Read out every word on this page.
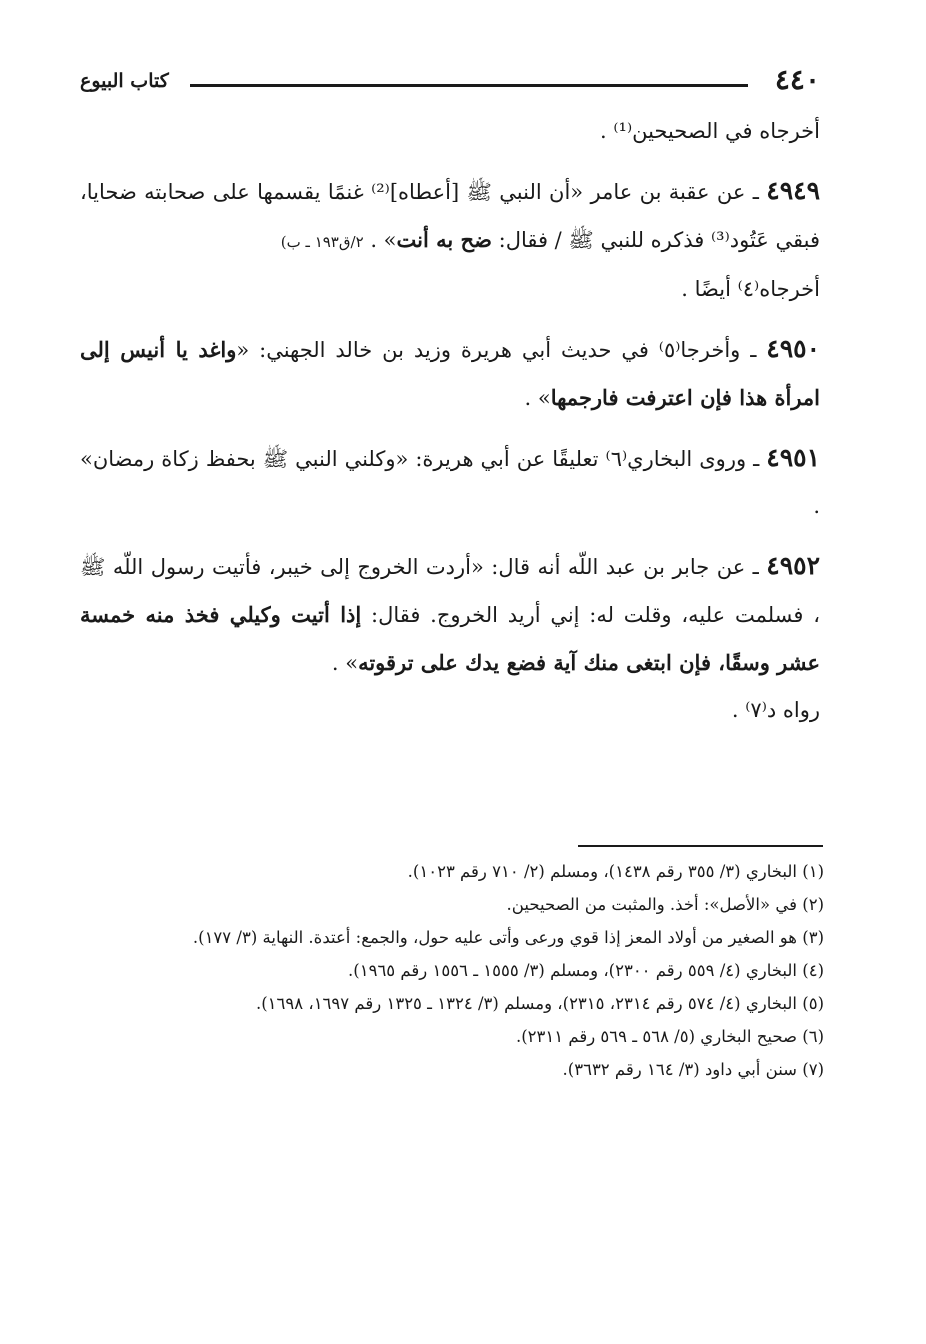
٤٤٠
كتاب البيوع

أخرجاه في الصحيحين⁽¹⁾ .

٤٩٤٩ ـ عن عقبة بن عامر «أن النبي ﷺ [أعطاه]⁽²⁾ غنمًا يقسمها على صحابته ضحايا، فبقي عَتُود⁽³⁾ فذكره للنبي ﷺ / فقال: ضح به أنت» . ٢/ق١٩٣ ـ ب)

أخرجاه⁽٤⁾ أيضًا .

٤٩٥٠ ـ وأخرجا⁽٥⁾ في حديث أبي هريرة وزيد بن خالد الجهني: «واغد يا أنيس إلى امرأة هذا فإن اعترفت فارجمها» .

٤٩٥١ ـ وروى البخاري⁽٦⁾ تعليقًا عن أبي هريرة: «وكلني النبي ﷺ بحفظ زكاة رمضان» .

٤٩٥٢ ـ عن جابر بن عبد اللّه أنه قال: «أردت الخروج إلى خيبر، فأتيت رسول اللّه ﷺ ، فسلمت عليه، وقلت له: إني أريد الخروج. فقال: إذا أتيت وكيلي فخذ منه خمسة عشر وسقًا، فإن ابتغى منك آية فضع يدك على ترقوته» .

رواه د⁽٧⁾ .

(١) البخاري (٣/ ٣٥٥ رقم ١٤٣٨)، ومسلم (٢/ ٧١٠ رقم ١٠٢٣).

(٢) في «الأصل»: أخذ. والمثبت من الصحيحين.

(٣) هو الصغير من أولاد المعز إذا قوي ورعى وأتى عليه حول، والجمع: أعتدة. النهاية (٣/ ١٧٧).

(٤) البخاري (٤/ ٥٥٩ رقم ٢٣٠٠)، ومسلم (٣/ ١٥٥٥ ـ ١٥٥٦ رقم ١٩٦٥).

(٥) البخاري (٤/ ٥٧٤ رقم ٢٣١٤، ٢٣١٥)، ومسلم (٣/ ١٣٢٤ ـ ١٣٢٥ رقم ١٦٩٧، ١٦٩٨).

(٦) صحيح البخاري (٥/ ٥٦٨ ـ ٥٦٩ رقم ٢٣١١).

(٧) سنن أبي داود (٣/ ١٦٤ رقم ٣٦٣٢).
